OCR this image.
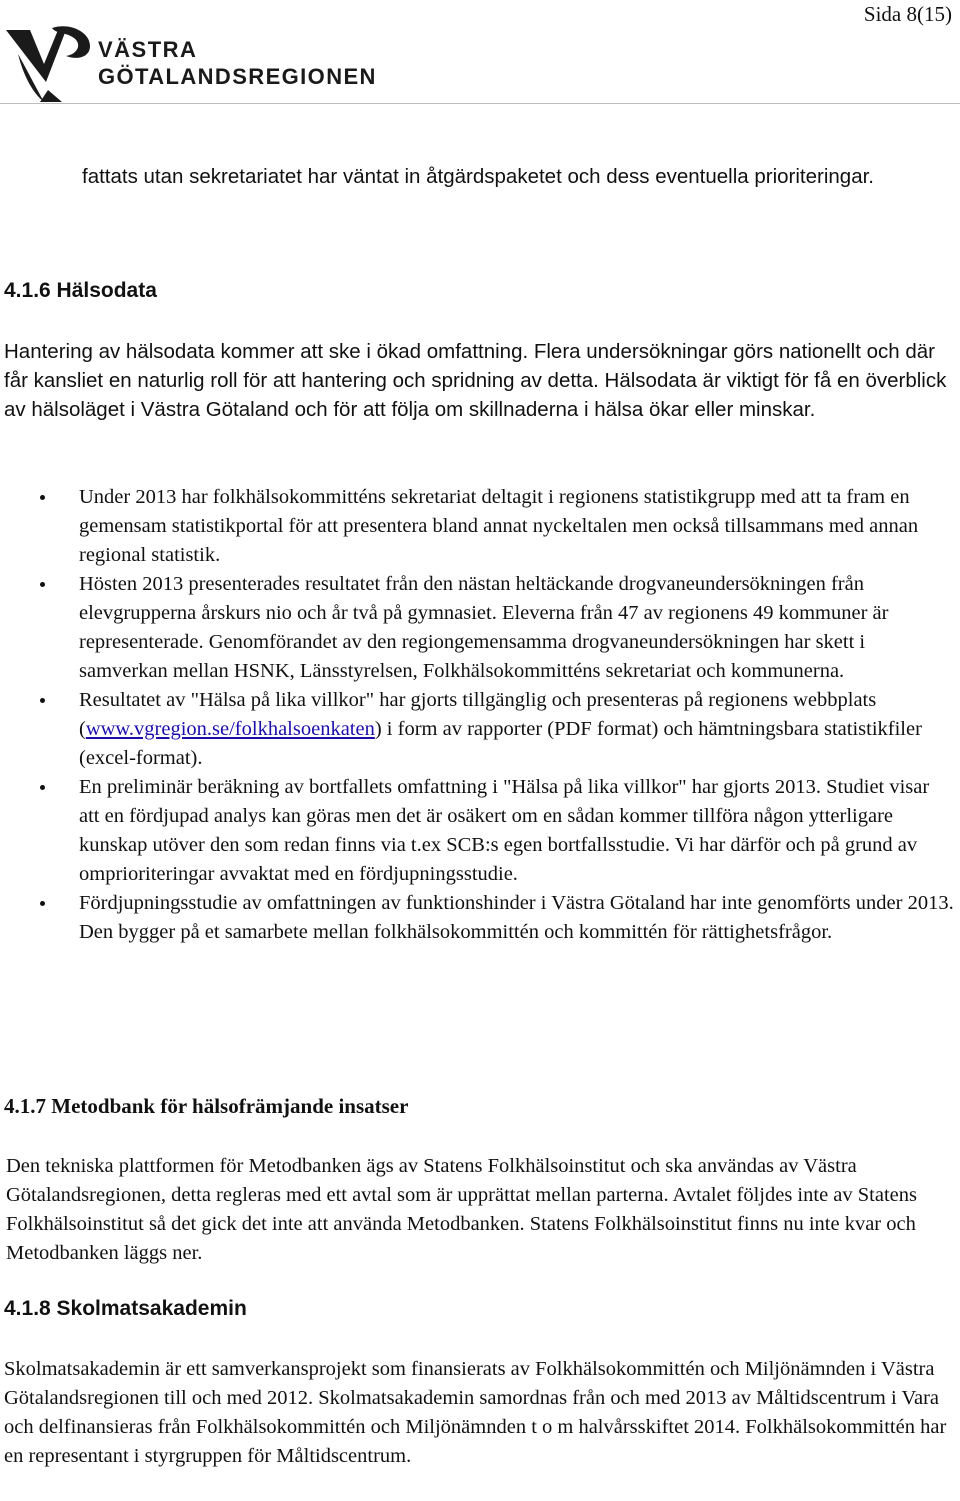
Sida 8(15)
VÄSTRA
GÖTALANDSREGIONEN
fattats utan sekretariatet har väntat in åtgärdspaketet och dess eventuella prioriteringar.
4.1.6 Hälsodata
Hantering av hälsodata kommer att ske i ökad omfattning. Flera undersökningar görs nationellt och där får kansliet en naturlig roll för att hantering och spridning av detta. Hälsodata är viktigt för få en överblick av hälsoläget i Västra Götaland och för att följa om skillnaderna i hälsa ökar eller minskar.
Under 2013 har folkhälsokommitténs sekretariat deltagit i regionens statistikgrupp med att ta fram en gemensam statistikportal för att presentera bland annat nyckeltalen men också tillsammans med annan regional statistik.
Hösten 2013 presenterades resultatet från den nästan heltäckande drogvaneundersökningen från elevgrupperna årskurs nio och år två på gymnasiet. Eleverna från 47 av regionens 49 kommuner är representerade. Genomförandet av den regiongemensamma drogvaneundersökningen har skett i samverkan mellan HSNK, Länsstyrelsen, Folkhälsokommitténs sekretariat och kommunerna.
Resultatet av "Hälsa på lika villkor" har gjorts tillgänglig och presenteras på regionens webbplats (www.vgregion.se/folkhalsoenkaten) i form av rapporter (PDF format) och hämtningsbara statistikfiler (excel-format).
En preliminär beräkning av bortfallets omfattning i "Hälsa på lika villkor" har gjorts 2013. Studiet visar att en fördjupad analys kan göras men det är osäkert om en sådan kommer tillföra någon ytterligare kunskap utöver den som redan finns via t.ex SCB:s egen bortfallsstudie. Vi har därför och på grund av omprioriteringar avvaktat med en fördjupningsstudie.
Fördjupningsstudie av omfattningen av funktionshinder i Västra Götaland har inte genomförts under 2013. Den bygger på et samarbete mellan folkhälsokommittén och kommittén för rättighetsfrågor.
4.1.7 Metodbank för hälsofrämjande insatser
Den tekniska plattformen för Metodbanken ägs av Statens Folkhälsoinstitut och ska användas av Västra Götalandsregionen, detta regleras med ett avtal som är upprättat mellan parterna. Avtalet följdes inte av Statens Folkhälsoinstitut så det gick det inte att använda Metodbanken. Statens Folkhälsoinstitut finns nu inte kvar och Metodbanken läggs ner.
4.1.8 Skolmatsakademin
Skolmatsakademin är ett samverkansprojekt som finansierats av Folkhälsokommittén och Miljönämnden i Västra Götalandsregionen till och med 2012. Skolmatsakademin samordnas från och med 2013 av Måltidscentrum i Vara och delfinansieras från Folkhälsokommittén och Miljönämnden t o m halvårsskiftet 2014. Folkhälsokommittén har en representant i styrgruppen för Måltidscentrum.
